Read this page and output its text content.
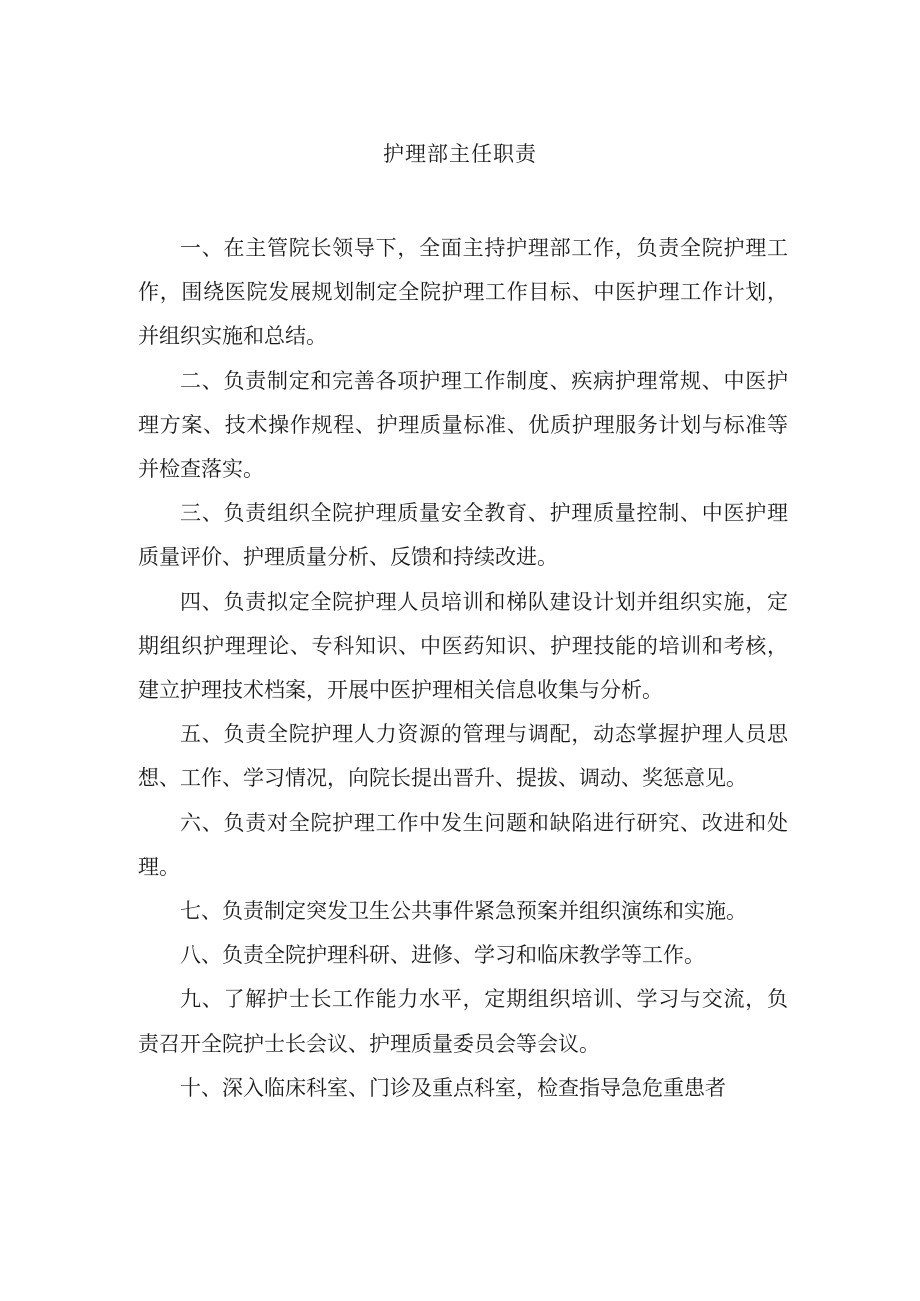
护理部主任职责

一、在主管院长领导下，全面主持护理部工作，负责全院护理工作，围绕医院发展规划制定全院护理工作目标、中医护理工作计划，并组织实施和总结。

二、负责制定和完善各项护理工作制度、疾病护理常规、中医护理方案、技术操作规程、护理质量标准、优质护理服务计划与标准等并检查落实。

三、负责组织全院护理质量安全教育、护理质量控制、中医护理质量评价、护理质量分析、反馈和持续改进。

四、负责拟定全院护理人员培训和梯队建设计划并组织实施，定期组织护理理论、专科知识、中医药知识、护理技能的培训和考核，建立护理技术档案，开展中医护理相关信息收集与分析。

五、负责全院护理人力资源的管理与调配，动态掌握护理人员思想、工作、学习情况，向院长提出晋升、提拔、调动、奖惩意见。

六、负责对全院护理工作中发生问题和缺陷进行研究、改进和处理。

七、负责制定突发卫生公共事件紧急预案并组织演练和实施。

八、负责全院护理科研、进修、学习和临床教学等工作。

九、了解护士长工作能力水平，定期组织培训、学习与交流，负责召开全院护士长会议、护理质量委员会等会议。

十、深入临床科室、门诊及重点科室，检查指导急危重患者
